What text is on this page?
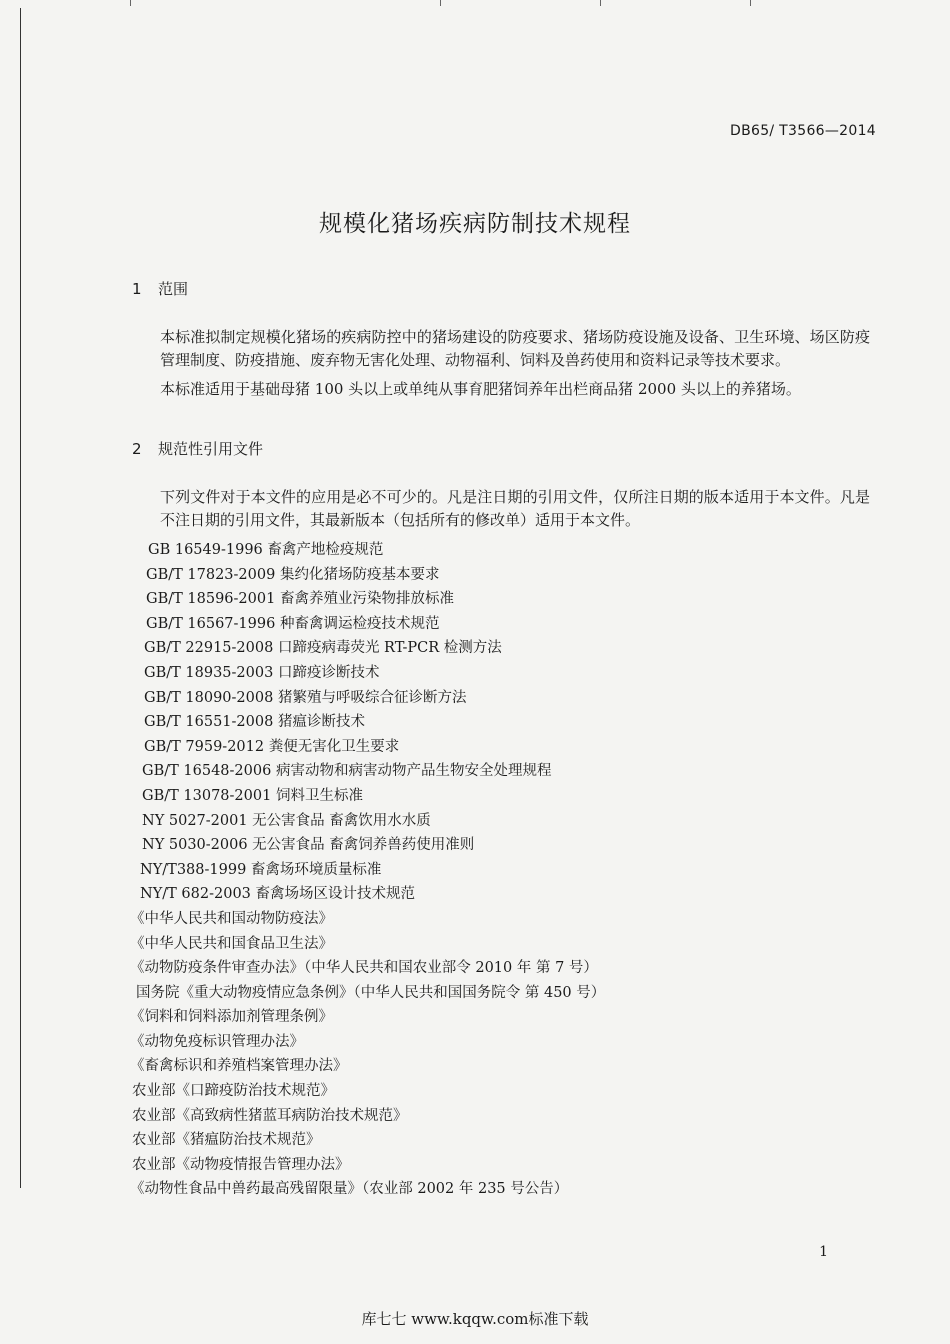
DB65/ T3566—2014
规模化猪场疾病防制技术规程
1 范围
本标准拟制定规模化猪场的疾病防控中的猪场建设的防疫要求、猪场防疫设施及设备、卫生环境、场区防疫管理制度、防疫措施、废弃物无害化处理、动物福利、饲料及兽药使用和资料记录等技术要求。
本标准适用于基础母猪 100 头以上或单纯从事育肥猪饲养年出栏商品猪 2000 头以上的养猪场。
2 规范性引用文件
下列文件对于本文件的应用是必不可少的。凡是注日期的引用文件，仅所注日期的版本适用于本文件。凡是不注日期的引用文件，其最新版本（包括所有的修改单）适用于本文件。
GB 16549-1996 畜禽产地检疫规范
GB/T 17823-2009 集约化猪场防疫基本要求
GB/T 18596-2001 畜禽养殖业污染物排放标准
GB/T 16567-1996 种畜禽调运检疫技术规范
GB/T 22915-2008 口蹄疫病毒荧光 RT-PCR 检测方法
GB/T 18935-2003 口蹄疫诊断技术
GB/T 18090-2008 猪繁殖与呼吸综合征诊断方法
GB/T 16551-2008 猪瘟诊断技术
GB/T 7959-2012 粪便无害化卫生要求
GB/T 16548-2006 病害动物和病害动物产品生物安全处理规程
GB/T 13078-2001 饲料卫生标准
NY 5027-2001 无公害食品 畜禽饮用水水质
NY 5030-2006 无公害食品 畜禽饲养兽药使用准则
NY/T388-1999 畜禽场环境质量标准
NY/T 682-2003 畜禽场场区设计技术规范
《中华人民共和国动物防疫法》
《中华人民共和国食品卫生法》
《动物防疫条件审查办法》（中华人民共和国农业部令 2010 年 第 7 号）
国务院《重大动物疫情应急条例》（中华人民共和国国务院令 第 450 号）
《饲料和饲料添加剂管理条例》
《动物免疫标识管理办法》
《畜禽标识和养殖档案管理办法》
农业部《口蹄疫防治技术规范》
农业部《高致病性猪蓝耳病防治技术规范》
农业部《猪瘟防治技术规范》
农业部《动物疫情报告管理办法》
《动物性食品中兽药最高残留限量》（农业部 2002 年 235 号公告）
1
库七七 www.kqqw.com标准下载
